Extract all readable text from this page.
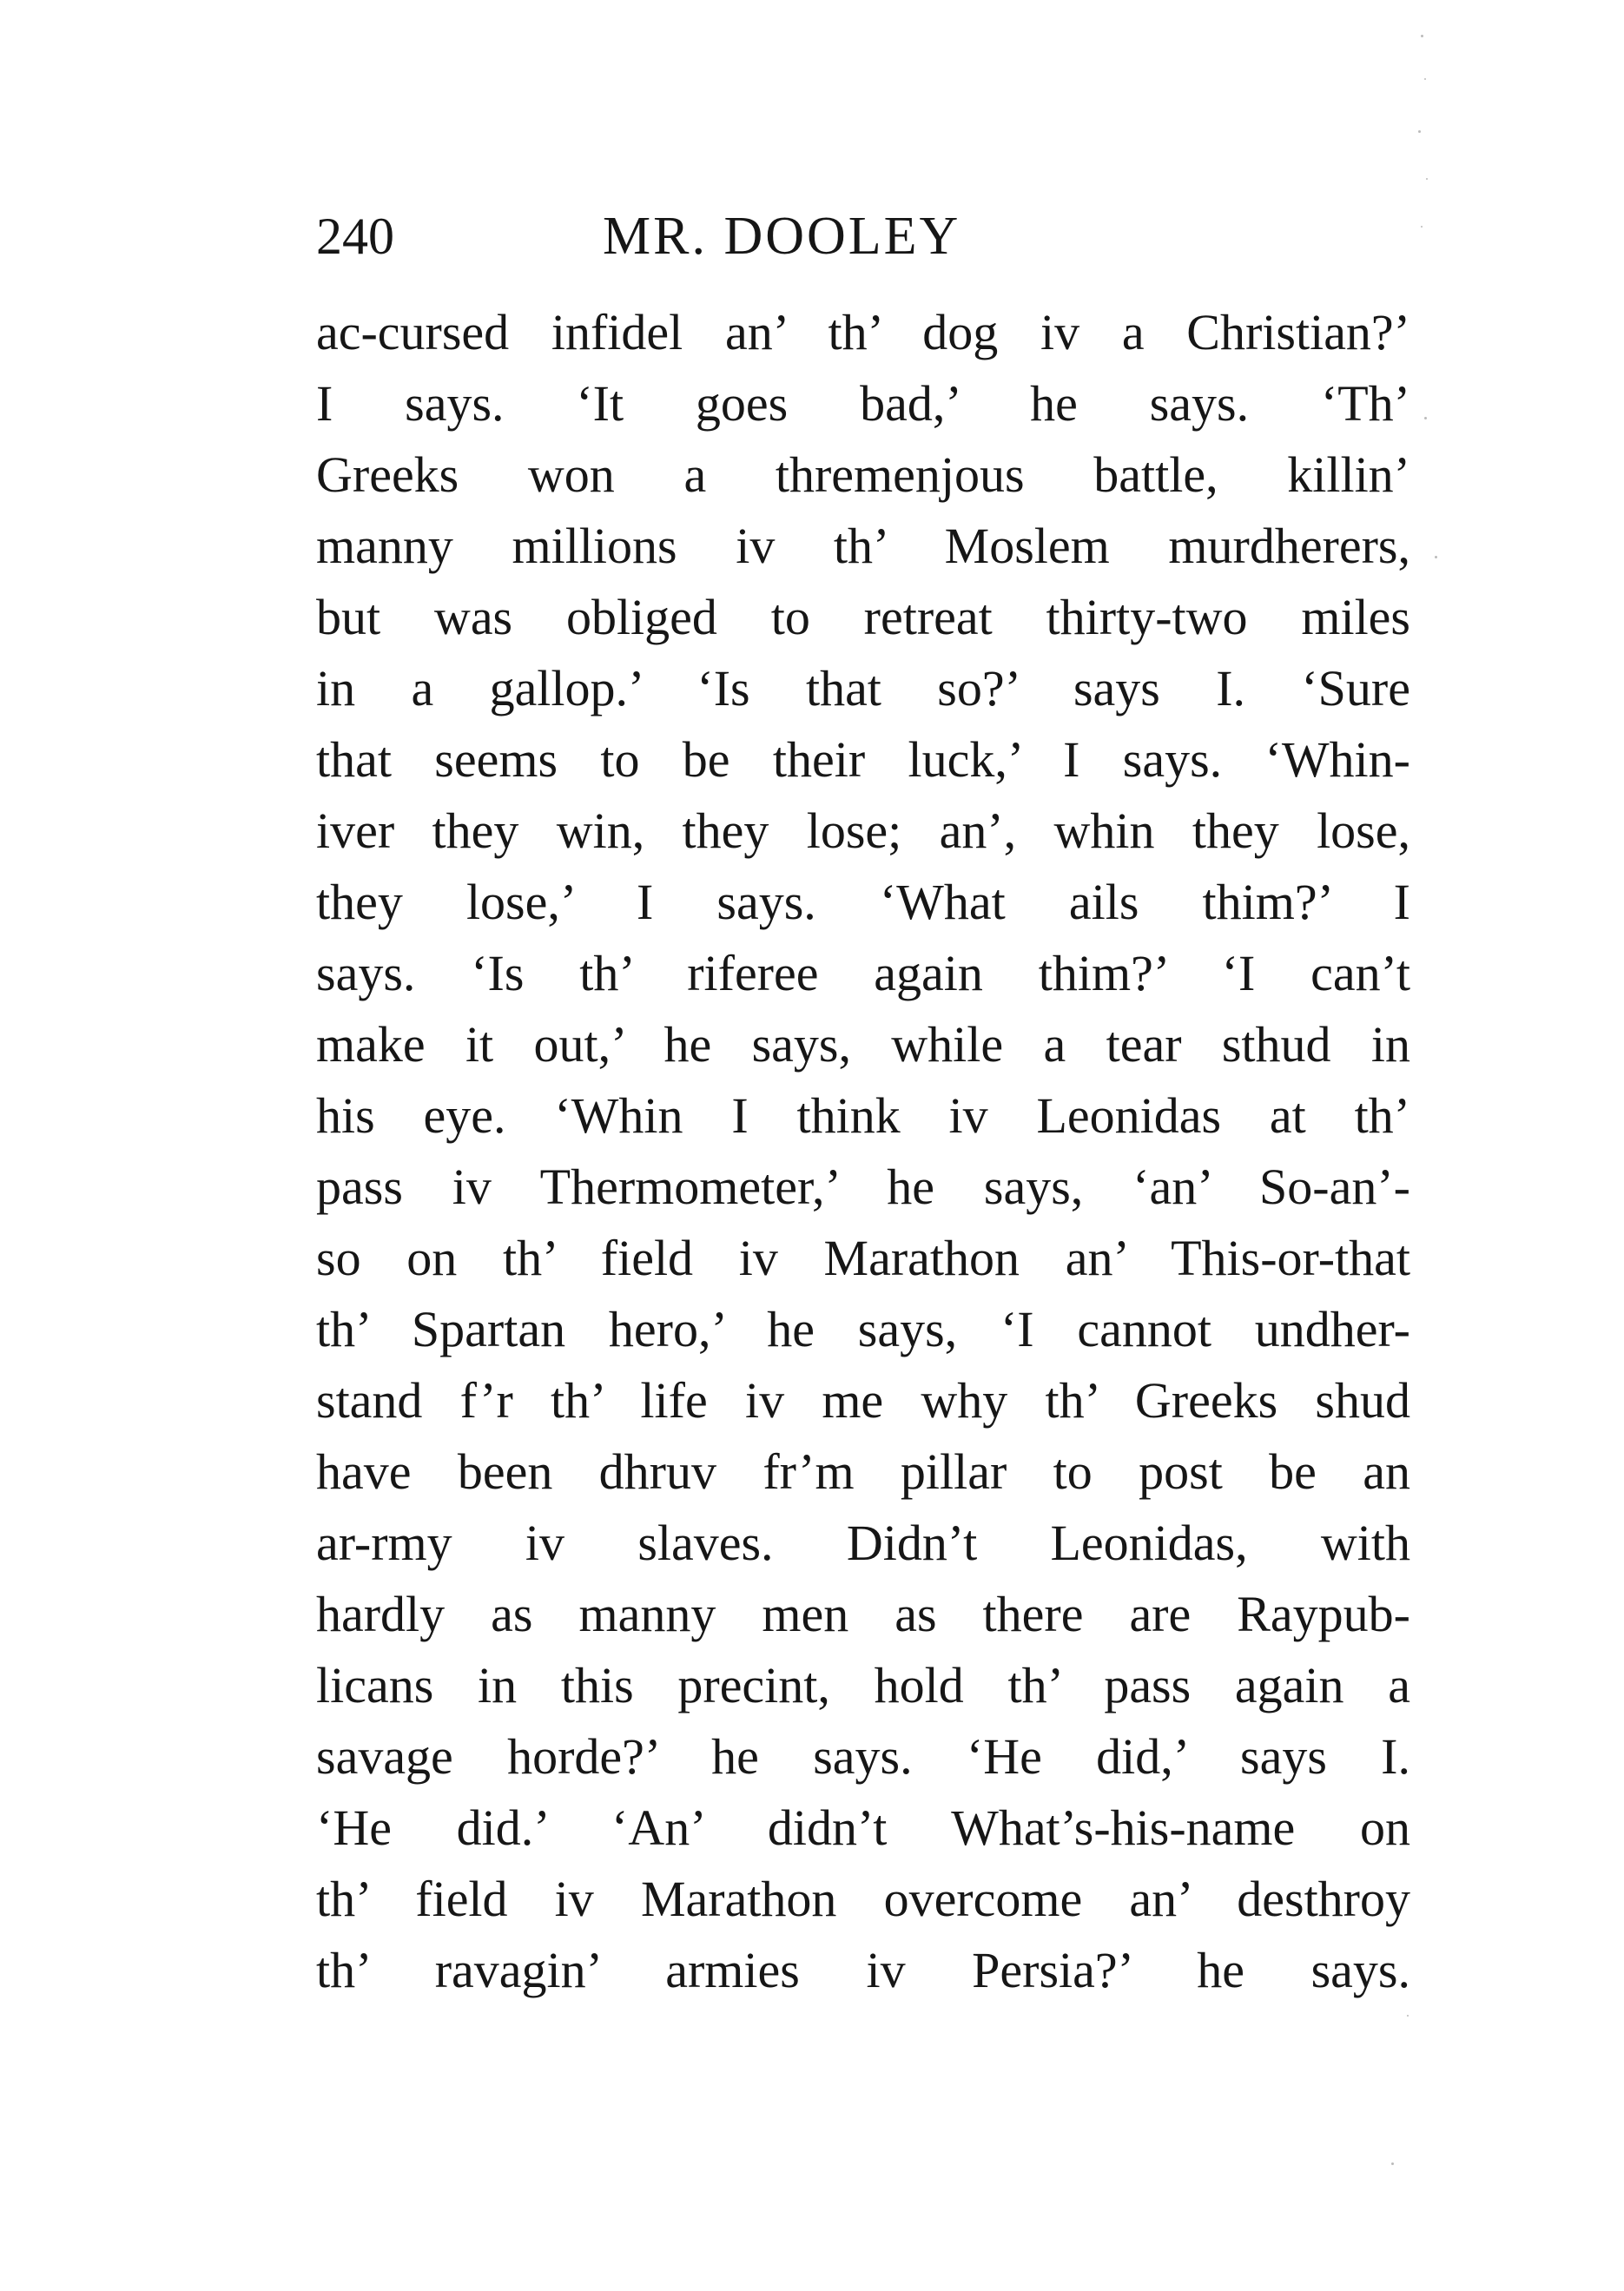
240	MR. DOOLEY
ac-cursed infidel an’ th’ dog iv a Christian?’
I says. ‘It goes bad,’ he says. ‘Th’
Greeks won a thremenjous battle, killin’
manny millions iv th’ Moslem murdherers,
but was obliged to retreat thirty-two miles
in a gallop.’ ‘Is that so?’ says I. ‘Sure
that seems to be their luck,’ I says. ‘Whin-
iver they win, they lose; an’, whin they lose,
they lose,’ I says. ‘What ails thim?’ I
says. ‘Is th’ riferee again thim?’ ‘I can’t
make it out,’ he says, while a tear sthud in
his eye. ‘Whin I think iv Leonidas at th’
pass iv Thermometer,’ he says, ‘an’ So-an’-
so on th’ field iv Marathon an’ This-or-that
th’ Spartan hero,’ he says, ‘I cannot undher-
stand f’r th’ life iv me why th’ Greeks shud
have been dhruv fr’m pillar to post be an
ar-rmy iv slaves. Didn’t Leonidas, with
hardly as manny men as there are Raypub-
licans in this precint, hold th’ pass again a
savage horde?’ he says. ‘He did,’ says I.
‘He did.’ ‘An’ didn’t What’s-his-name on
th’ field iv Marathon overcome an’ desthroy
th’ ravagin’ armies iv Persia?’ he says.
